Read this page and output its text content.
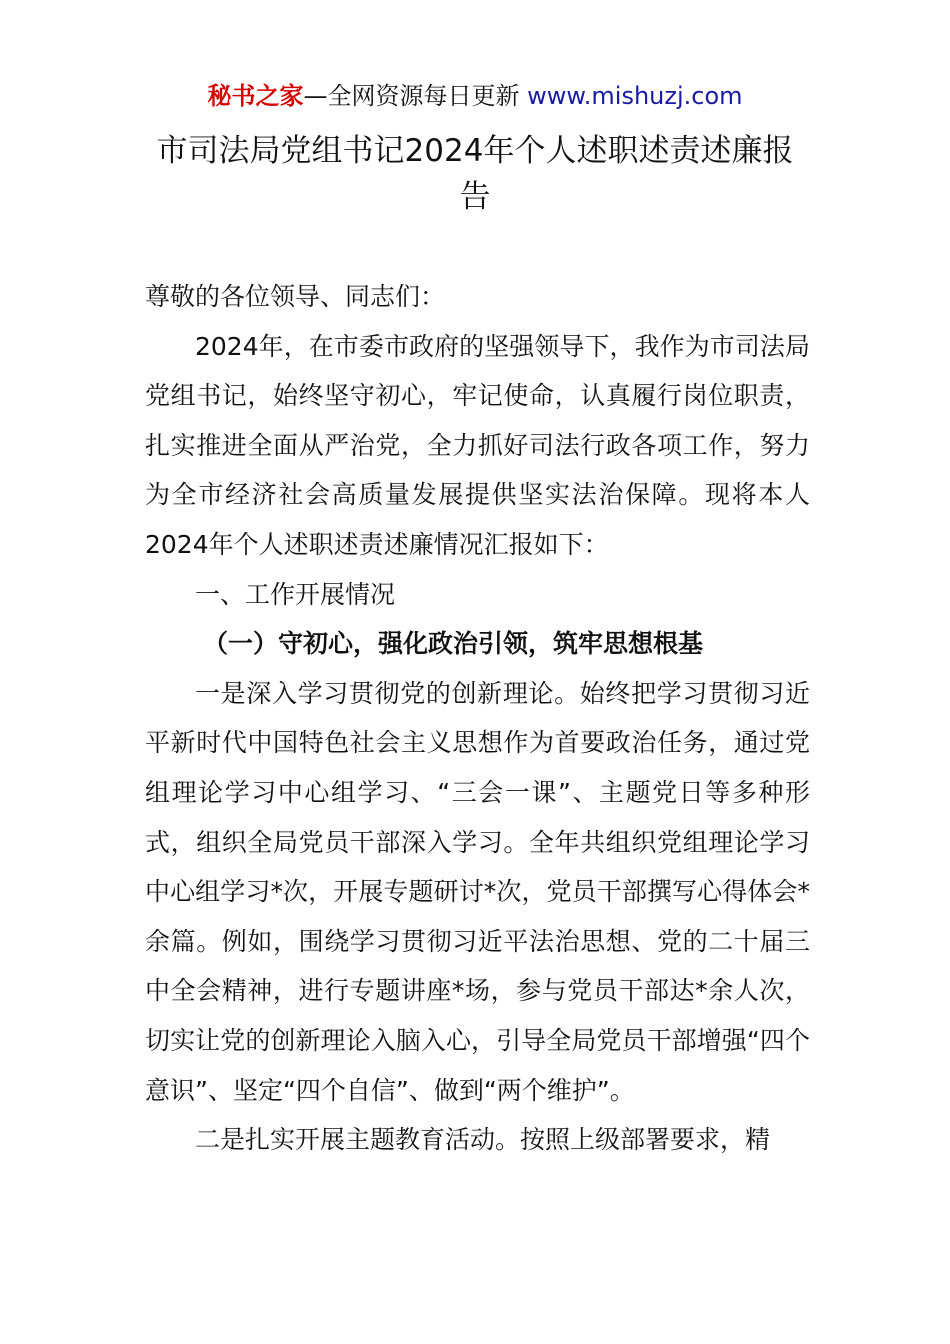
秘书之家—全网资源每日更新 www.mishuzj.com
市司法局党组书记2024年个人述职述责述廉报告

尊敬的各位领导、同志们：

2024年，在市委市政府的坚强领导下，我作为市司法局党组书记，始终坚守初心，牢记使命，认真履行岗位职责，扎实推进全面从严治党，全力抓好司法行政各项工作，努力为全市经济社会高质量发展提供坚实法治保障。现将本人2024年个人述职述责述廉情况汇报如下：

一、工作开展情况

（一）守初心，强化政治引领，筑牢思想根基

一是深入学习贯彻党的创新理论。始终把学习贯彻习近平新时代中国特色社会主义思想作为首要政治任务，通过党组理论学习中心组学习、“三会一课”、主题党日等多种形式，组织全局党员干部深入学习。全年共组织党组理论学习中心组学习*次，开展专题研讨*次，党员干部撰写心得体会*余篇。例如，围绕学习贯彻习近平法治思想、党的二十届三中全会精神，进行专题讲座*场，参与党员干部达*余人次，切实让党的创新理论入脑入心，引导全局党员干部增强“四个意识”、坚定“四个自信”、做到“两个维护”。

二是扎实开展主题教育活动。按照上级部署要求，精
